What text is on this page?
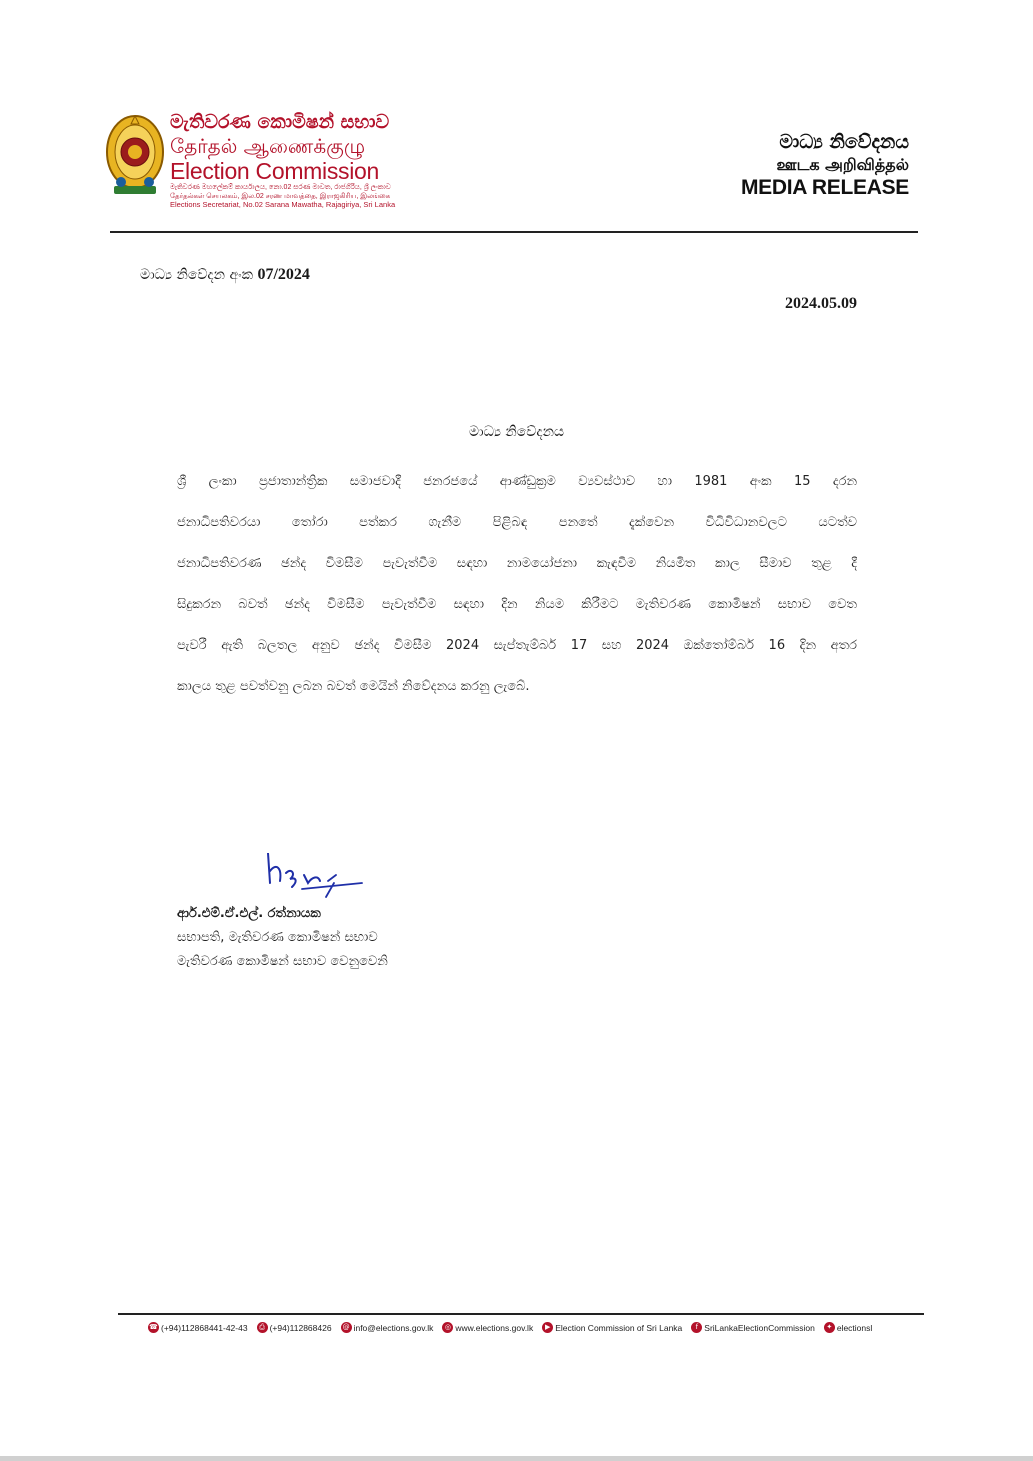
මැතිවරණ කොමිෂන් සභාව
தேர்தல் ஆணைக்குழு
Election Commission
මැතිවරණ මහලේකම් කාර්යාලය, නො.02 සරණ මාවත, රාජගිරිය, ශ්‍රී ලංකාව
தேர்தல்கள் செயலகம், இல.02 சரண மாவத்தை, இராஜகிரிய, இலங்கை
Elections Secretariat, No.02 Sarana Mawatha, Rajagiriya, Sri Lanka
මාධ්‍ය නිවේදනය
ஊடக அறிவித்தல்
MEDIA RELEASE
මාධ්‍ය නිවේදන අංක 07/2024
2024.05.09
මාධ්‍ය නිවේදනය
ශ්‍රී ලංකා ප්‍රජාතාන්ත්‍රික සමාජවාදී ජනරජයේ ආණ්ඩුක්‍රම ව්‍යවස්ථාව හා 1981 අංක 15 දරන
ජනාධිපතිවරයා තෝරා පත්කර ගැනීම පිළිබඳ පනතේ දැක්වෙන විධිවිධානවලට යටත්ව
ජනාධිපතිවරණ ඡන්ද විමසීම පැවැත්වීම සඳහා නාමයෝජනා කැඳවීම නියමිත කාල සීමාව තුළ දී
සිදුකරන බවත් ඡන්ද විමසීම පැවැත්වීම සඳහා දින නියම කිරීමට මැතිවරණ කොමිෂන් සභාව වෙත
පැවරී ඇති බලතල අනුව ඡන්ද විමසීම 2024 සැප්තැම්බර් 17 සහ 2024 ඔක්තෝම්බර් 16 දින අතර
කාලය තුළ පවත්වනු ලබන බවත් මෙයින් නිවේදනය කරනු ලැබේ.
ආර්.එම්.ඒ.එල්. රත්නායක
සභාපති, මැතිවරණ කොමිෂන් සභාව
මැතිවරණ කොමිෂන් සභාව වෙනුවෙනි
☎ (+94)112868441-42-43	⎙ (+94)112868426 @ info@elections.gov.lk	◎ www.elections.gov.lk	▶ Election Commission of Sri Lanka	f SriLankaElectionCommission	✦ electionsl
